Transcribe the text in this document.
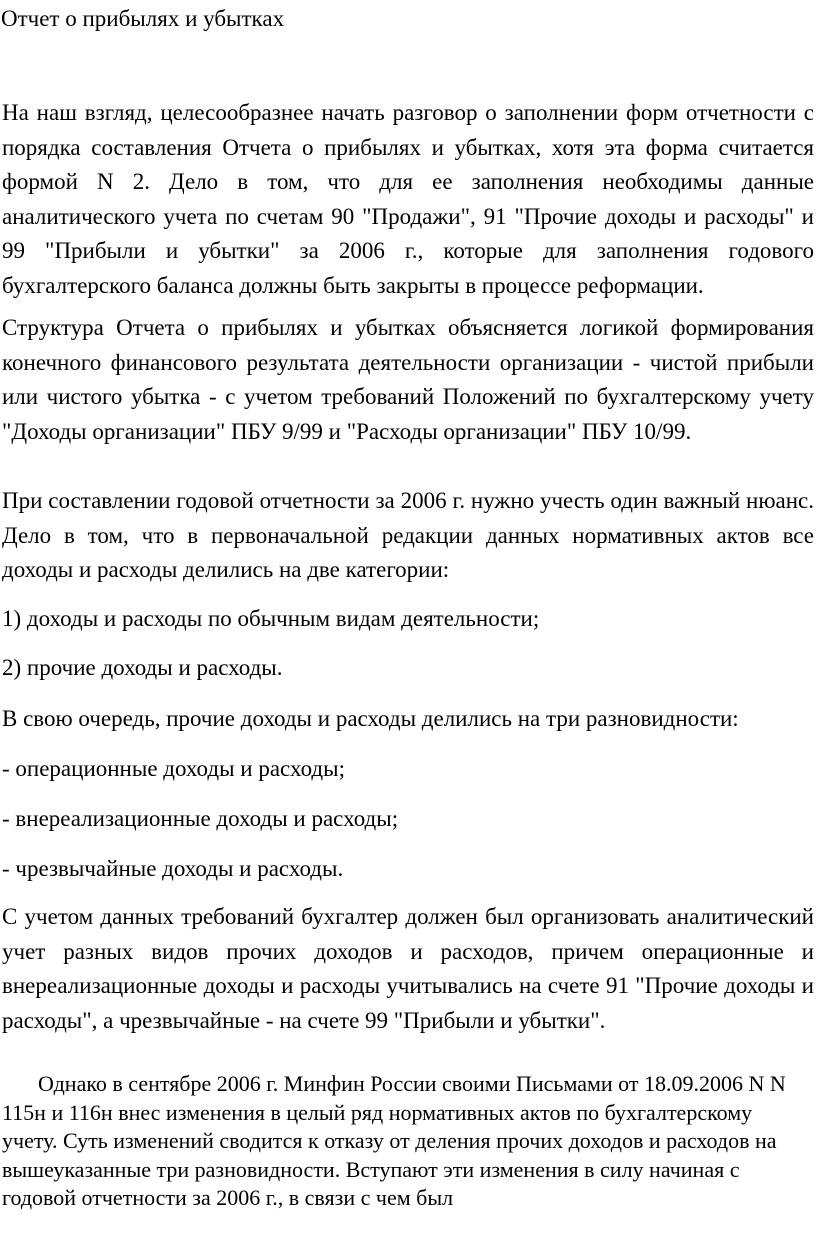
Отчет о прибылях и убытках

На наш взгляд, целесообразнее начать разговор о заполнении форм отчетности с порядка составления Отчета о прибылях и убытках, хотя эта форма считается формой N 2. Дело в том, что для ее заполнения необходимы данные аналитического учета по счетам 90 "Продажи", 91 "Прочие доходы и расходы" и 99 "Прибыли и убытки" за 2006 г., которые для заполнения годового бухгалтерского баланса должны быть закрыты в процессе реформации.

Структура Отчета о прибылях и убытках объясняется логикой формирования конечного финансового результата деятельности организации - чистой прибыли или чистого убытка - с учетом требований Положений по бухгалтерскому учету "Доходы организации" ПБУ 9/99 и "Расходы организации" ПБУ 10/99.

При составлении годовой отчетности за 2006 г. нужно учесть один важный нюанс. Дело в том, что в первоначальной редакции данных нормативных актов все доходы и расходы делились на две категории:

1) доходы и расходы по обычным видам деятельности;

2) прочие доходы и расходы.

В свою очередь, прочие доходы и расходы делились на три разновидности:

- операционные доходы и расходы;

- внереализационные доходы и расходы;

- чрезвычайные доходы и расходы.

С учетом данных требований бухгалтер должен был организовать аналитический учет разных видов прочих доходов и расходов, причем операционные и внереализационные доходы и расходы учитывались на счете 91 "Прочие доходы и расходы", а чрезвычайные - на счете 99 "Прибыли и убытки".

Однако в сентябре 2006 г. Минфин России своими Письмами от 18.09.2006 N N 115н и 116н внес изменения в целый ряд нормативных актов по бухгалтерскому учету. Суть изменений сводится к отказу от деления прочих доходов и расходов на вышеуказанные три разновидности. Вступают эти изменения в силу начиная с годовой отчетности за 2006 г., в связи с чем был
